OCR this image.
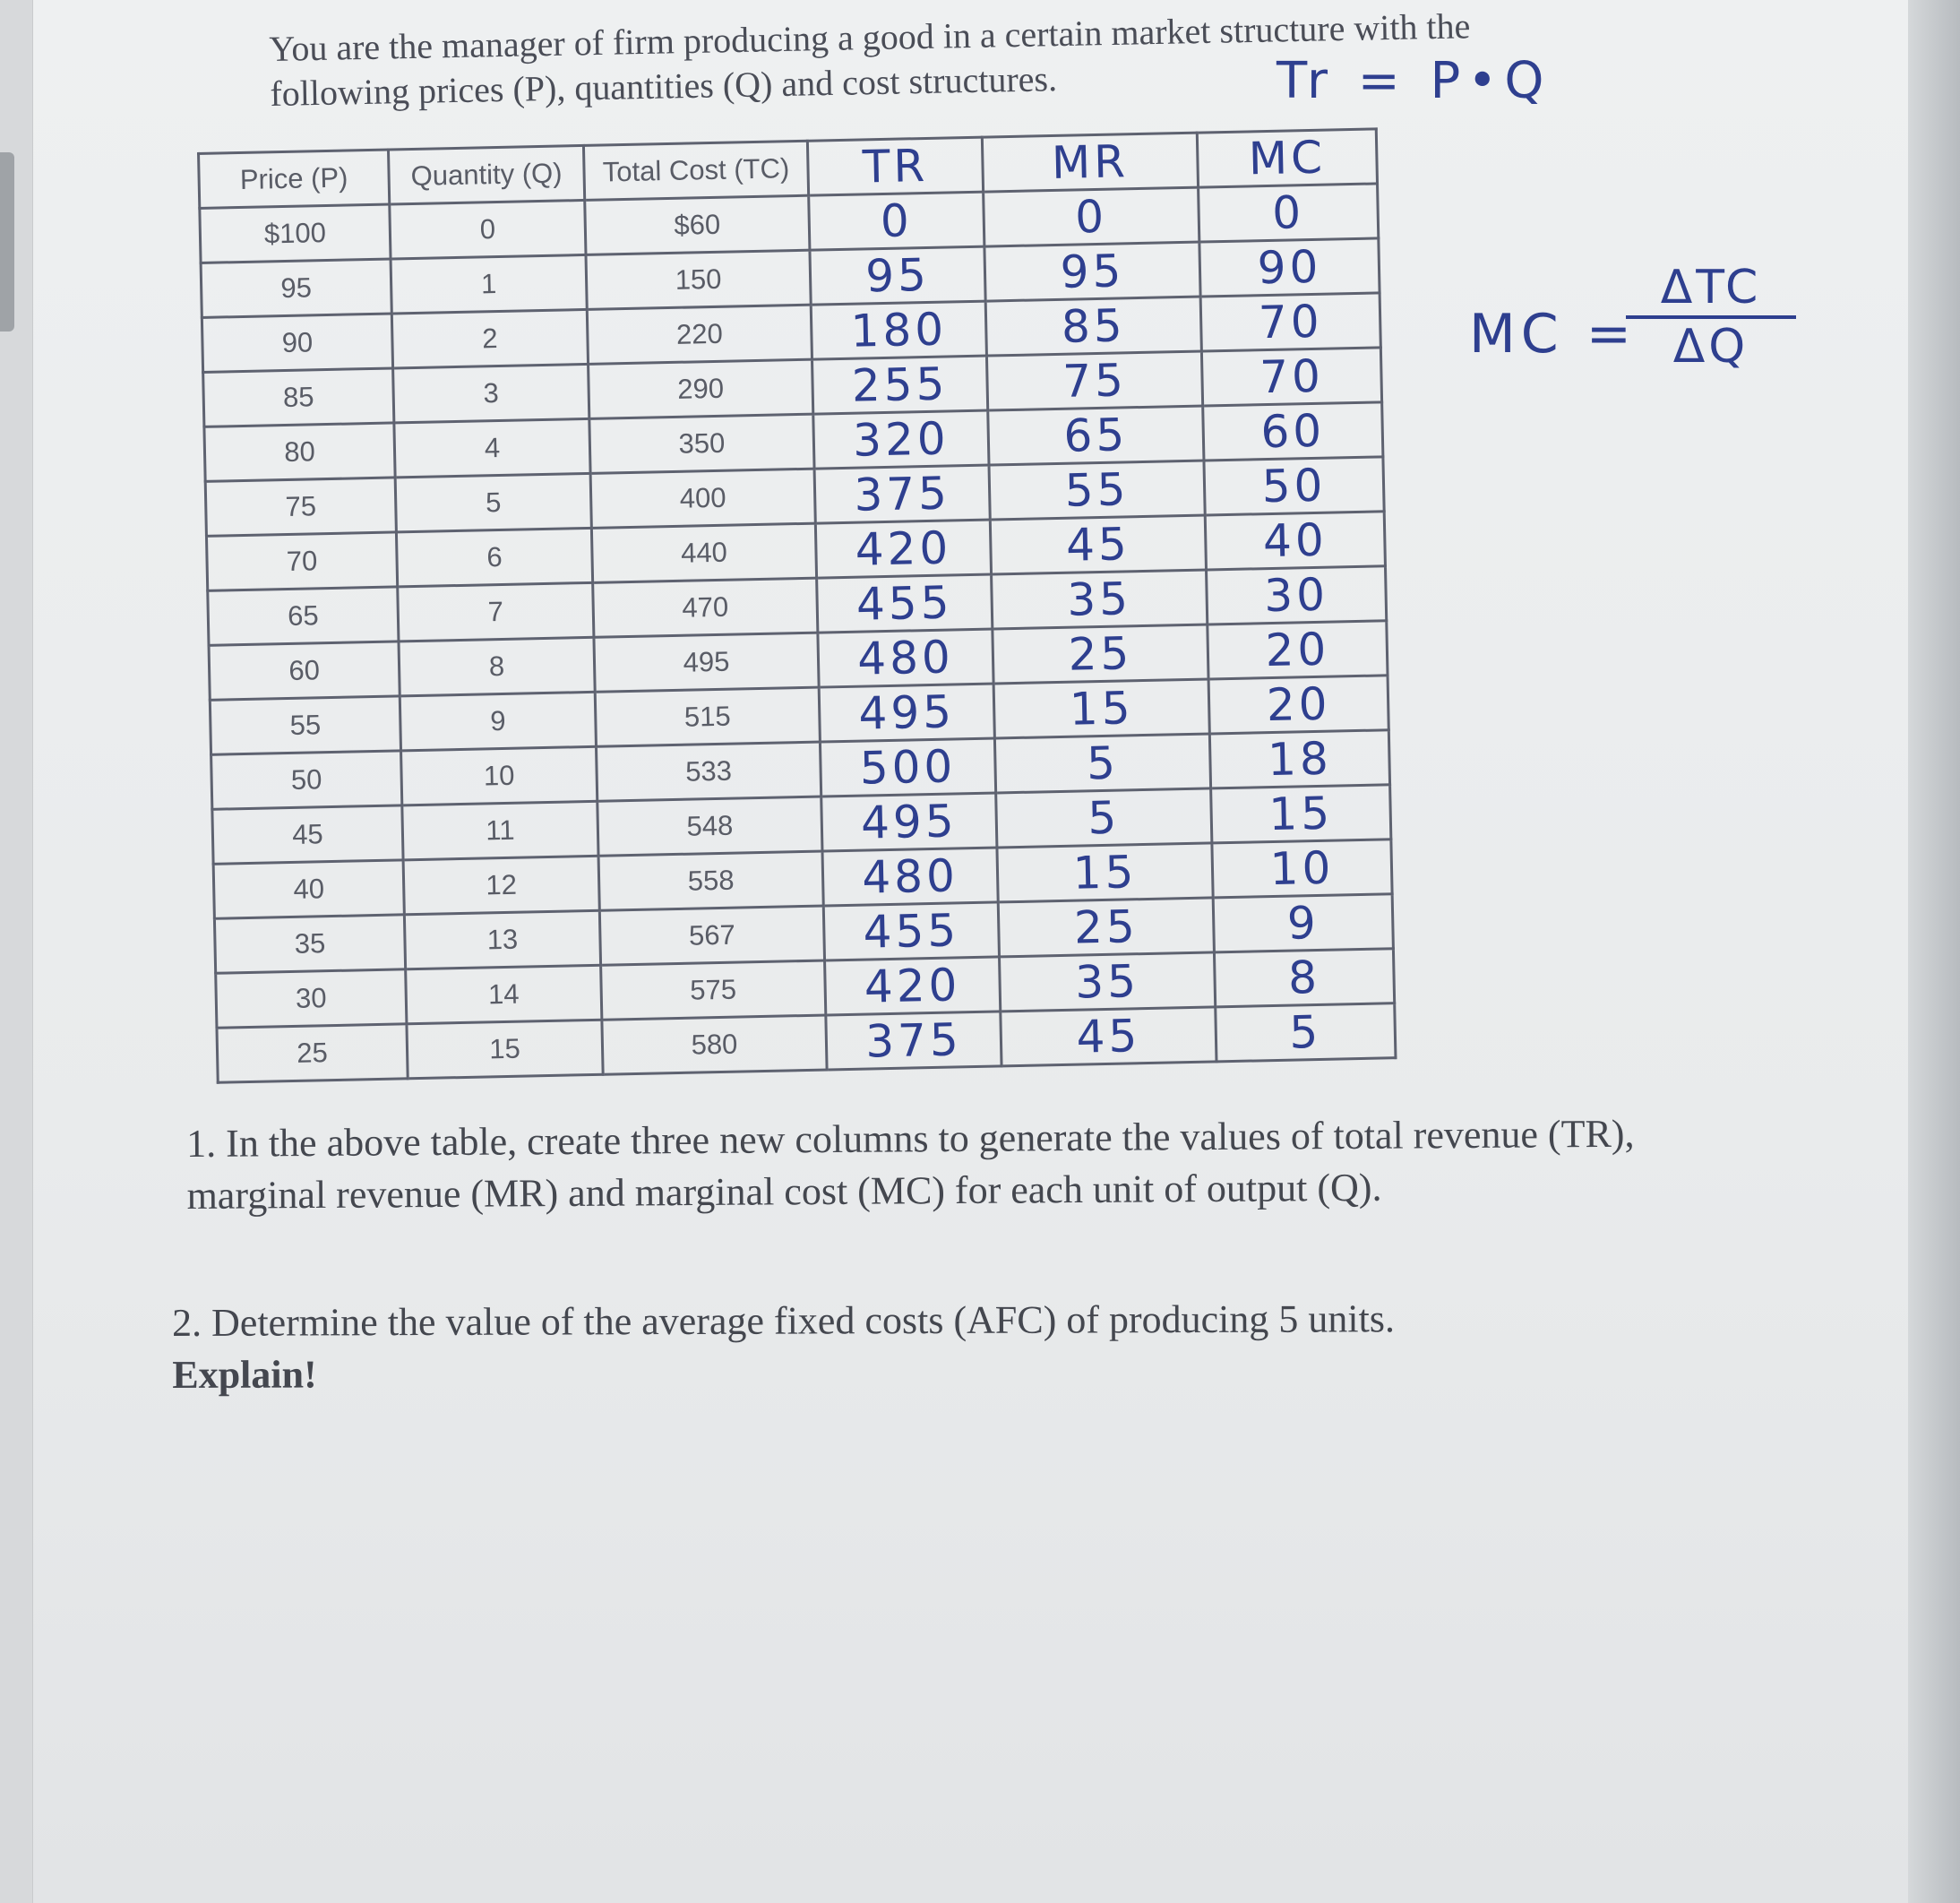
You are the manager of firm producing a good in a certain market structure with the
following prices (P), quantities (Q) and cost structures.	Tr = P•Q
Price (P)	Quantity (Q)	Total Cost (TC)	TR	MR	MC
$100	0	$60	0	0	0
95	1	150	95	95	90
90	2	220	180	85	70
85	3	290	255	75	70
80	4	350	320	65	60
75	5	400	375	55	50
70	6	440	420	45	40
65	7	470	455	35	30
60	8	495	480	25	20
55	9	515	495	15	20
50	10	533	500	5	18
45	11	548	495	5	15
40	12	558	480	15	10
35	13	567	455	25	9
30	14	575	420	35	8
25	15	580	375	45	5
MC =
ΔTC
ΔQ
1. In the above table, create three new columns to generate the values of total revenue (TR), marginal revenue (MR) and marginal cost (MC) for each unit of output (Q).
2. Determine the value of the average fixed costs (AFC) of producing 5 units.
Explain!
